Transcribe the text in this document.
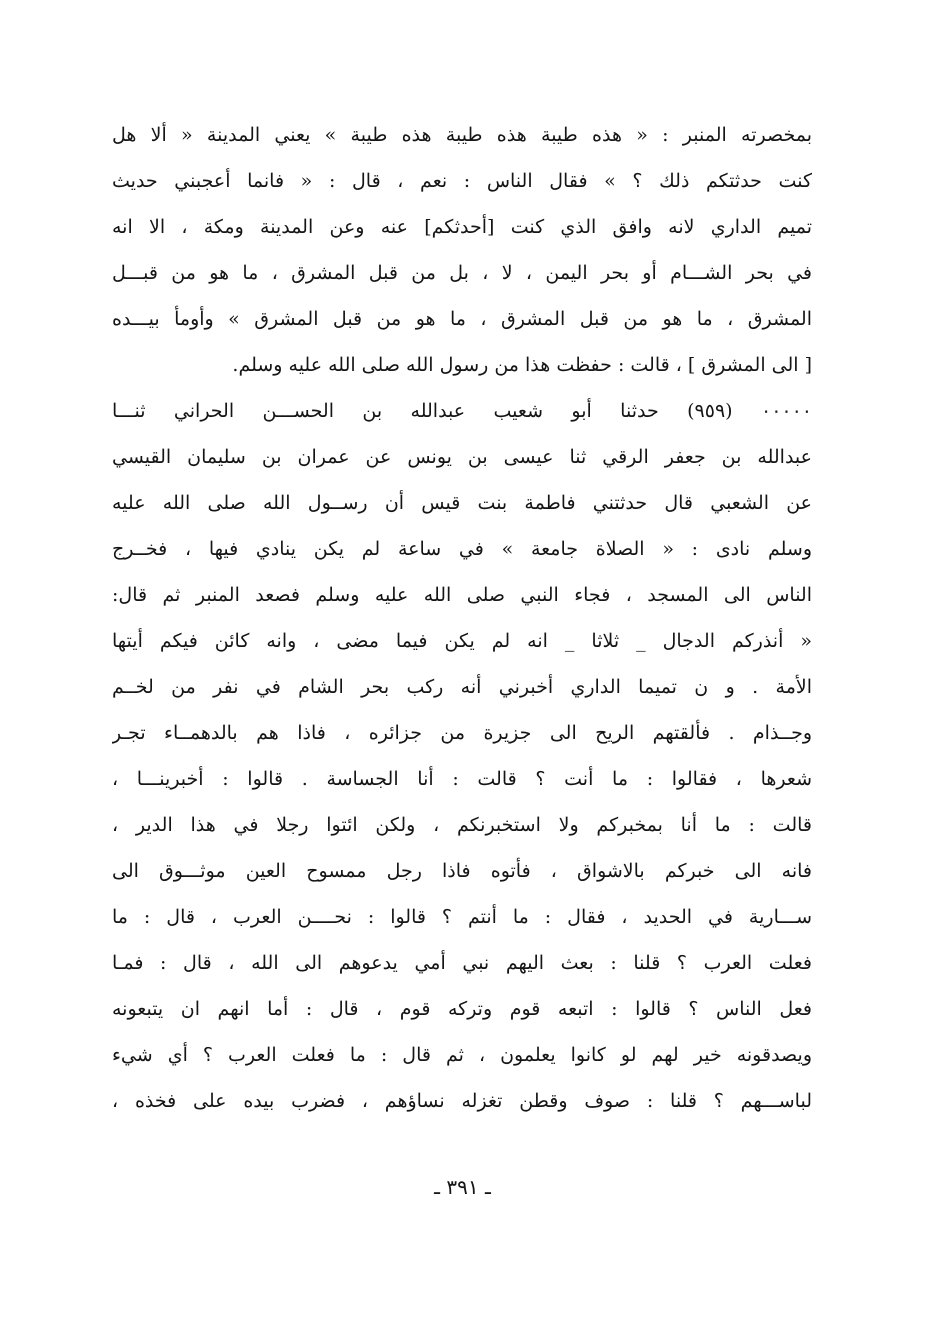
بمخصرته المنبر : « هذه طيبة هذه طيبة هذه طيبة » يعني المدينة « ألا هل
كنت حدثتكم ذلك ؟ » فقال الناس : نعم ، قال : « فانما أعجبني حديث
تميم الداري لانه وافق الذي كنت [أحدثكم] عنه وعن المدينة ومكة ، الا انه
في بحر الشـــام أو بحر اليمن ، لا ، بل من قبل المشرق ، ما هو من قبـــل
المشرق ، ما هو من قبل المشرق ، ما هو من قبل المشرق » وأومأ بيـــده
[ الى المشرق ] ، قالت : حفظت هذا من رسول الله صلى الله عليه وسلم.
٠٠٠٠٠ (٩٥٩) حدثنا أبو شعيب عبدالله بن الحســـن الحراني ثنـــا
عبدالله بن جعفر الرقي ثنا عيسى بن يونس عن عمران بن سليمان القيسي
عن الشعبي قال حدثتني فاطمة بنت قيس أن رســول الله صلى الله عليه
وسلم نادى : « الصلاة جامعة » في ساعة لم يكن ينادي فيها ، فخــرج
الناس الى المسجد ، فجاء النبي صلى الله عليه وسلم فصعد المنبر ثم قال:
« أنذركم الدجال _ ثلاثا _ انه لم يكن فيما مضى ، وانه كائن فيكم أيتها
الأمة . و ن تميما الداري أخبرني أنه ركب بحر الشام في نفر من لخــم
وجــذام . فألقتهم الريح الى جزيرة من جزائره ، فاذا هم بالدهمــاء تجـر
شعرها ، فقالوا : ما أنت ؟ قالت : أنا الجساسة . قالوا : أخبرينـــا ،
قالت : ما أنا بمخبركم ولا استخبرنكم ، ولكن ائتوا رجلا في هذا الدير ،
فانه الى خبركم بالاشواق ، فأتوه فاذا رجل ممسوح العين موثـــوق الى
ســـارية في الحديد ، فقال : ما أنتم ؟ قالوا : نحــــن العرب ، قال : ما
فعلت العرب ؟ قلنا : بعث اليهم نبي أمي يدعوهم الى الله ، قال : فمـا
فعل الناس ؟ قالوا : اتبعه قوم وتركه قوم ، قال : أما انهم ان يتبعونه
ويصدقونه خير لهم لو كانوا يعلمون ، ثم قال : ما فعلت العرب ؟ أي شيء
لباســـهم ؟ قلنا : صوف وقطن تغزله نساؤهم ، فضرب بيده على فخذه ،
ـ ٣٩١ ـ
